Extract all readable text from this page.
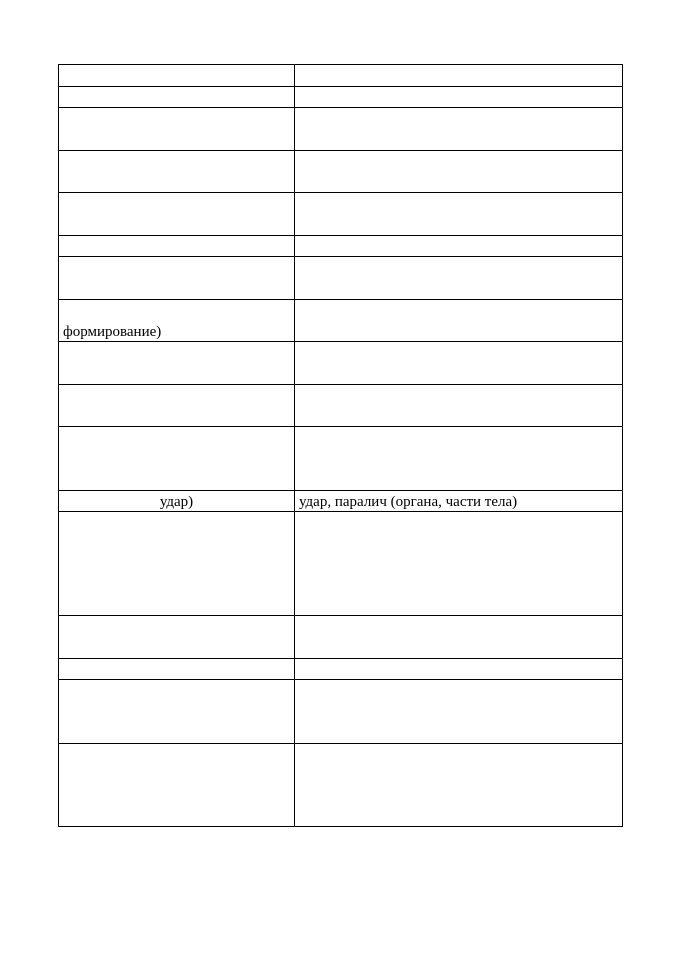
формирование)	

удар)	удар, паралич (органа, части тела)
